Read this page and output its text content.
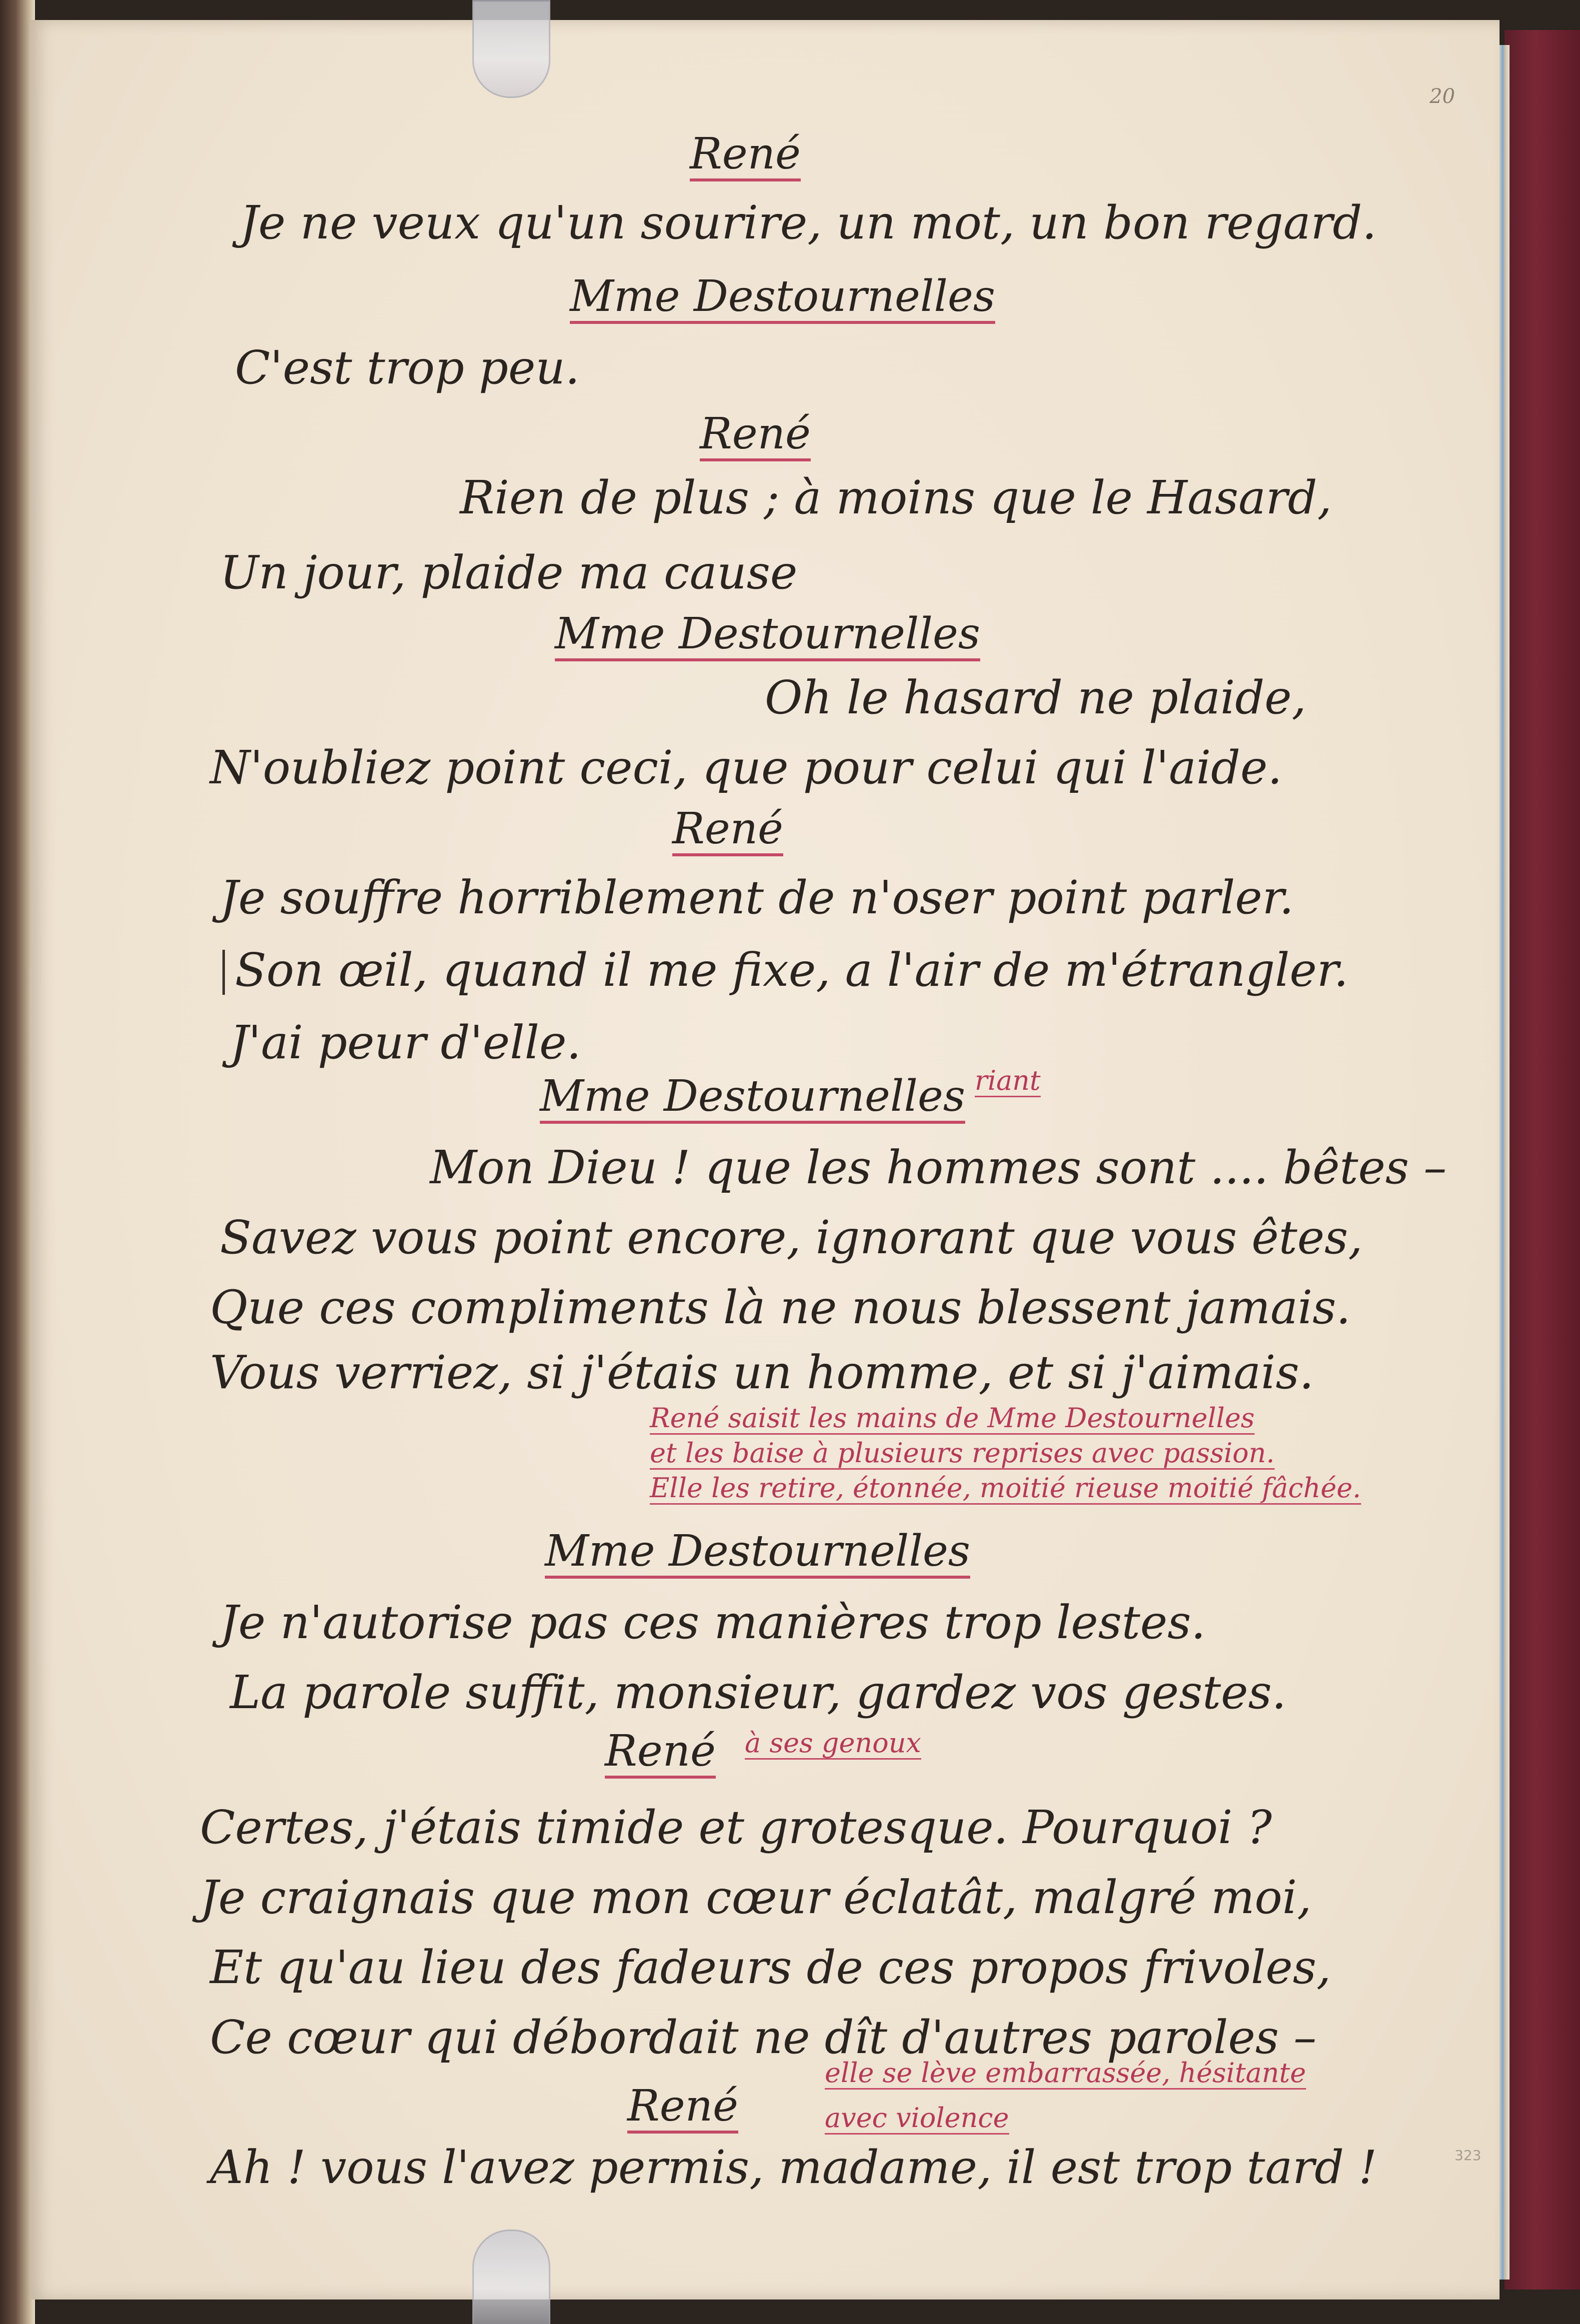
20

René

Je ne veux qu'un sourire, un mot, un bon regard.

Mme Destournelles

C'est trop peu.

René

Rien de plus ; à moins que le Hasard,

Un jour, plaide ma cause

Mme Destournelles

Oh le hasard ne plaide,

N'oubliez point ceci, que pour celui qui l'aide.

René

Je souffre horriblement de n'oser point parler.

Son œil, quand il me fixe, a l'air de m'étrangler.

J'ai peur d'elle.

Mme Destournelles riant

Mon Dieu ! que les hommes sont .... bêtes –

Savez vous point encore, ignorant que vous êtes,

Que ces compliments là ne nous blessent jamais.

Vous verriez, si j'étais un homme, et si j'aimais.

René saisit les mains de Mme Destournelles

et les baise à plusieurs reprises avec passion.

Elle les retire, étonnée, moitié rieuse moitié fâchée.

Mme Destournelles

Je n'autorise pas ces manières trop lestes.

La parole suffit, monsieur, gardez vos gestes.

René à ses genoux

Certes, j'étais timide et grotesque. Pourquoi ?

Je craignais que mon cœur éclatât, malgré moi,

Et qu'au lieu des fadeurs de ces propos frivoles,

Ce cœur qui débordait ne dît d'autres paroles –

René

elle se lève embarrassée, hésitante

avec violence

Ah ! vous l'avez permis, madame, il est trop tard !	323
